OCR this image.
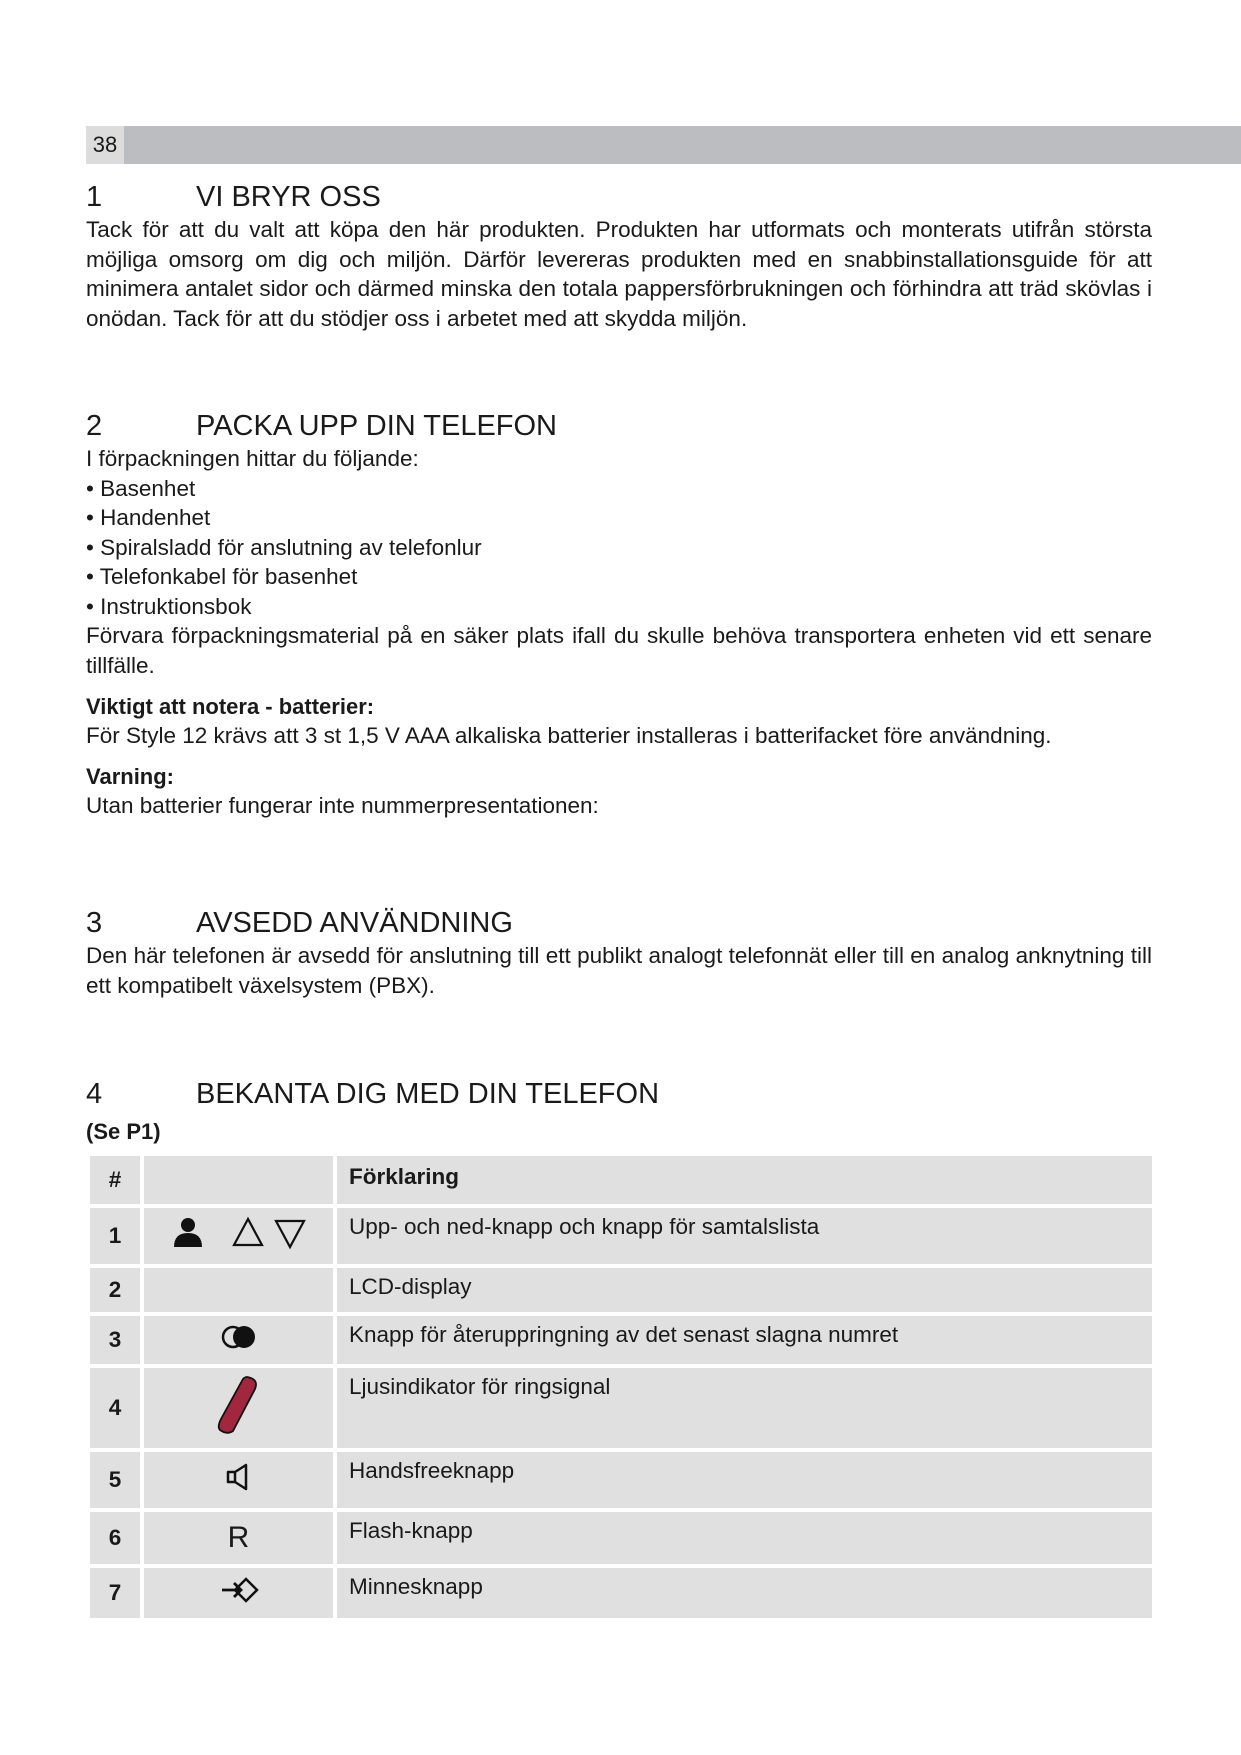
38
1	VI BRYR OSS

Tack för att du valt att köpa den här produkten. Produkten har utformats och monterats utifrån största möjliga omsorg om dig och miljön. Därför levereras produkten med en snabbinstallationsguide för att minimera antalet sidor och därmed minska den totala pappersförbrukningen och förhindra att träd skövlas i onödan. Tack för att du stödjer oss i arbetet med att skydda miljön.

2	PACKA UPP DIN TELEFON

I förpackningen hittar du följande:

• Basenhet
• Handenhet
• Spiralsladd för anslutning av telefonlur
• Telefonkabel för basenhet
• Instruktionsbok

Förvara förpackningsmaterial på en säker plats ifall du skulle behöva transportera enheten vid ett senare tillfälle.

Viktigt att notera - batterier:

För Style 12 krävs att 3 st 1,5 V AAA alkaliska batterier installeras i batterifacket före användning.

Varning:

Utan batterier fungerar inte nummerpresentationen:

3	AVSEDD ANVÄNDNING

Den här telefonen är avsedd för anslutning till ett publikt analogt telefonnät eller till en analog anknytning till ett kompatibelt växelsystem (PBX).

4	BEKANTA DIG MED DIN TELEFON
(Se P1)
#		Förklaring
1		Upp- och ned-knapp och knapp för samtalslista
2		LCD-display
3		Knapp för återuppringning av det senast slagna numret
4		Ljusindikator för ringsignal
5		Handsfreeknapp
6	R	Flash-knapp
7		Minnesknapp
